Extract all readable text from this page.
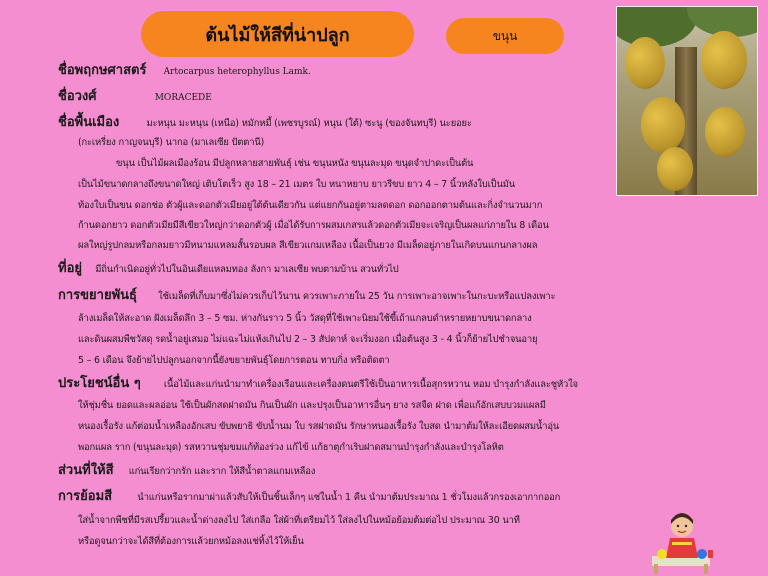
ต้นไม้ให้สีที่น่าปลูก	ขนุน
ชื่อพฤกษศาสตร์ Artocarpus heterophyllus Lamk.
ชื่อวงศ์	MORACEDE
ชื่อพื้นเมือง	มะหนุน มะหนุน (เหนือ) หมักหมี้ (เพชรบูรณ์) หนุน (ใต้) ซะนู (ของจันทบุรี) นะยอยะ
(กะเหรี่ยง กาญจนบุรี) นากอ (มาเลเซีย ปัตตานี)
ขนุน เป็นไม้ผลเมืองร้อน มีปลูกหลายสายพันธุ์ เช่น ขนุนหนัง ขนุนละมุด ขนุดจำปาดะเป็นต้น
เป็นไม้ขนาดกลางถึงขนาดใหญ่ เติบโตเร็ว สูง 18 – 21 เมตร ใบ หนาหยาบ ยาวรีขบ ยาว 4 – 7 นิ้วหลังใบเป็นมัน
ท้องใบเป็นขน ดอกช่อ ตัวผู้และดอกตัวเมียอยู่ใต้ต้นเดียวกัน แต่แยกกันอยู่ตามลดดอก ดอกออกตามต้นและกิ่งจำนวนมาก
ก้านดอกยาว ดอกตัวเมียมีสีเขียวใหญ่กว่าดอกตัวผู้ เมื่อได้รับการผสมเกสรแล้วดอกตัวเมียจะเจริญเป็นผลแก่ภายใน 8 เดือน
ผลใหญ่รูปกลมหรือกลมยาวมีหนามแหลมสั้นรอบผล สีเขียวแกมเหลือง เนื้อเป็นยวง มีเมล็ดอยู่ภายในเกิดบนแกนกลางผล
ที่อยู่ มีถิ่นกำเนิดอยู่ทั่วไปในอินเดียแหลมทอง ลังกา มาเลเซีย พบตามบ้าน สวนทั่วไป
การขยายพันธุ์ ใช้เมล็ดที่เก็บมาซึ่งไม่ควรเก็บไว้นาน ควรเพาะภายใน 25 วัน การเพาะอาจเพาะในกะบะหรือแปลงเพาะ
ล้างเมล็ดให้สะอาด ฝังเมล็ดลึก 3 – 5 ซม. ห่างกันราว 5 นิ้ว วัสดุที่ใช้เพาะนิยมใช้ขี้เถ้าแกลบดำหรายหยาบขนาดกลาง
และดินผสมพืชวัสดุ รดน้ำอยู่เสมอ ไม่แฉะไม่แห้งเกินไป 2 – 3 สัปดาห์ จะเริ่มงอก เมื่อต้นสูง 3 - 4 นิ้วก็ย้ายไปชำจนอายุ
5 – 6 เดือน จึงย้ายไปปลูกนอกจากนี้ยังขยายพันธุ์โดยการตอน ทาบกิ่ง หรือติดตา
ประโยชน์อื่น ๆ เนื้อไม้และแก่นนำมาทำเครื่องเรือนและเครื่องดนตรีใช้เป็นอาหารเนื้อสุกรหวาน หอม บำรุงกำลังและชูหัวใจ
ให้ชุ่มชื่น ยอดและผลอ่อน ใช้เป็นผักสดฝาดมัน กินเป็นผัก และปรุงเป็นอาหารอื่นๆ ยาง รสจืด ฝาด เพื่อแก้อักเสบบวมแผลมี
หนองเรื้อรัง แก้ต่อมน้ำเหลืองอักเสบ ขับพยาธิ ขับน้ำนม ใบ รสฝาดมัน รักษาหนองเรื้อรัง ใบสด นำมาต้มให้ละเอียดผสมน้ำอุ่น
พอกแผล ราก (ขนุนละมุด) รสหวานชุ่มขมแก้ท้องร่วง แก้ไข้ แก้ธาตุกำเริบฝาดสมานบำรุงกำลังและบำรุงโลหิต
ส่วนที่ให้สี แก่นเรียกว่ากรัก และราก ให้สีน้ำตาลแกมเหลือง
การย้อมสี	นำแก่นหรือรากมาผ่าแล้วสับให้เป็นชิ้นเล็กๆ แช่ในน้ำ 1 คืน นำมาต้มประมาณ 1 ชั่วโมงแล้วกรองเอากากออก
ใส่น้ำจากพืชที่มีรสเปรี้ยวและน้ำด่างลงไป ใส่เกลือ ใส่ผ้าที่เตรียมไว้ ใส่ลงไปในหม้อย้อมต้มต่อไป ประมาณ 30 นาที
หรือดูจนกว่าจะได้สีที่ต้องการแล้วยกหม้อลงแช่ทิ้งไว้ให้เย็น
